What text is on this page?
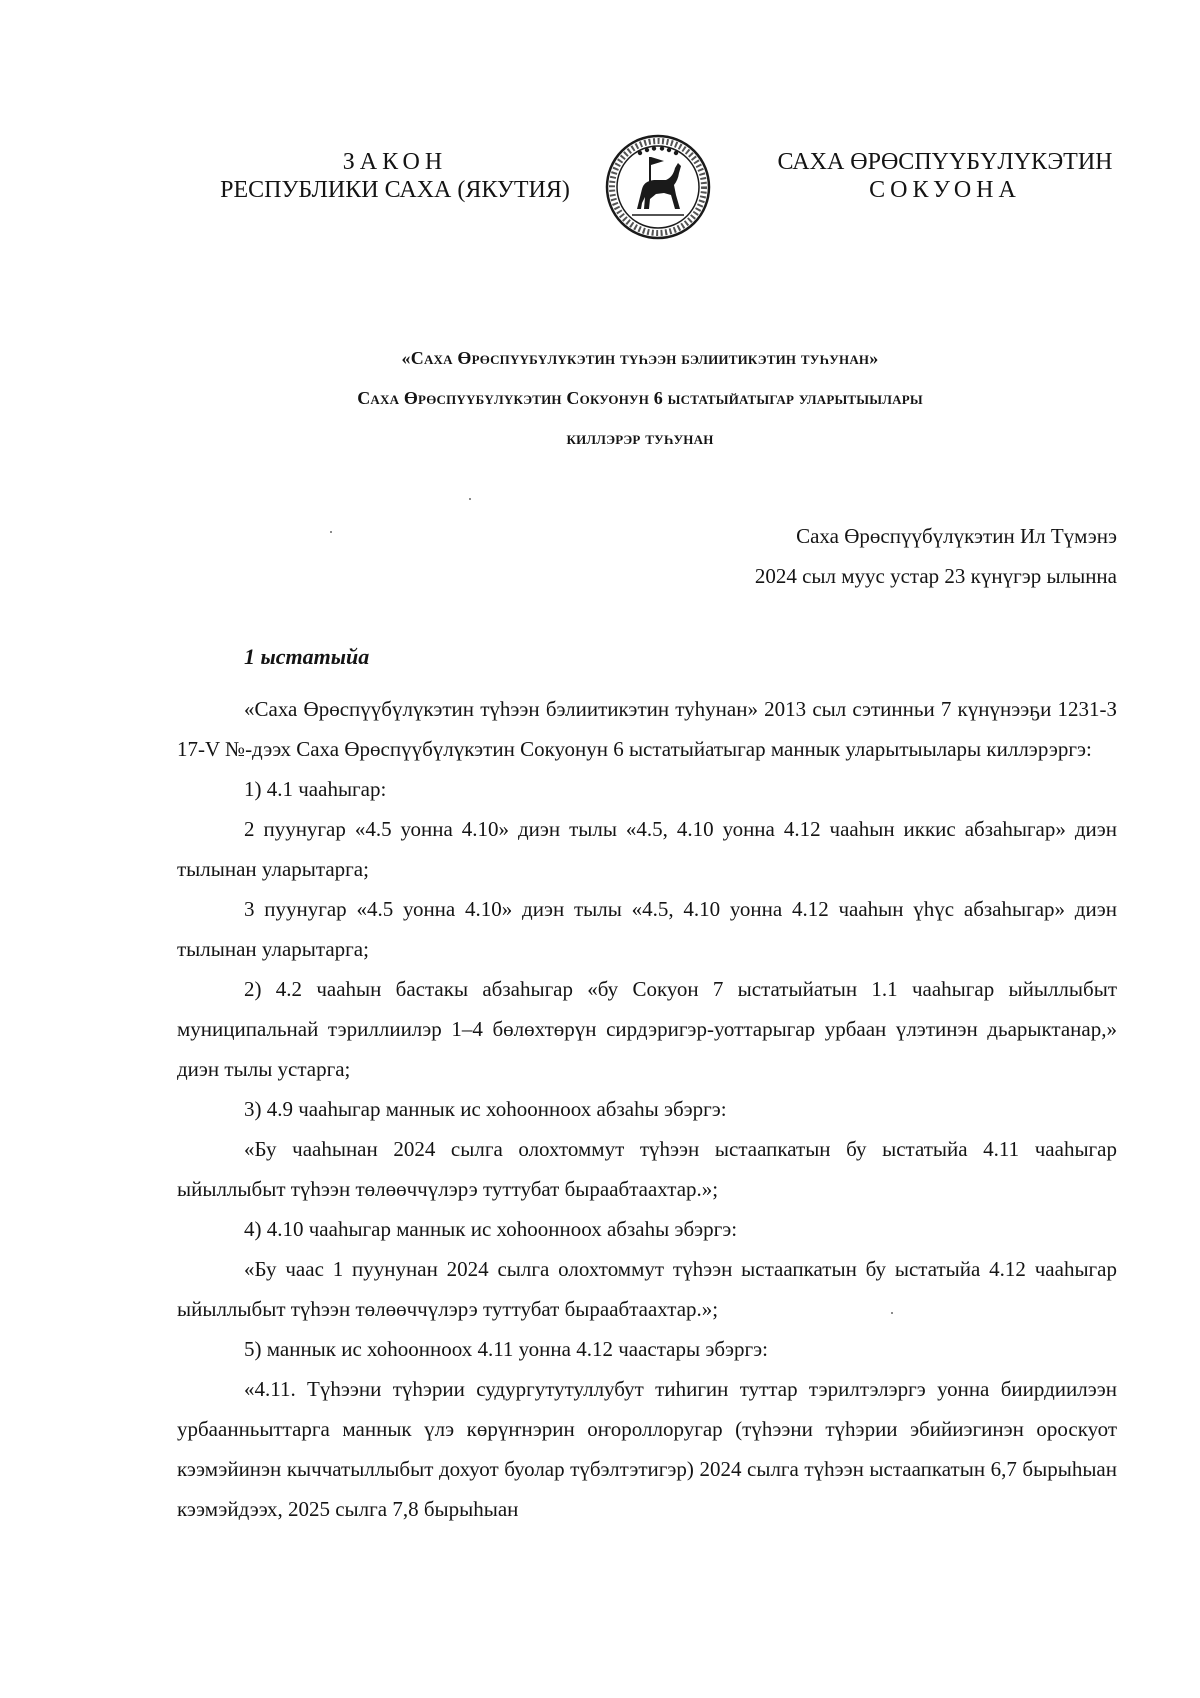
ЗАКОН
РЕСПУБЛИКИ САХА (ЯКУТИЯ)
САХА ӨРӨСПҮҮБҮЛҮКЭТИН
СОКУОНА
«Саха Өрөспүүбүлүкэтин түһээн бэлиитикэтин туһунан»
Саха Өрөспүүбүлүкэтин Сокуонун 6 ыстатыйатыгар уларытыылары
киллэрэр туһунан
Саха Өрөспүүбүлүкэтин Ил Түмэнэ
2024 сыл муус устар 23 күнүгэр ылынна
1 ыстатыйа

«Саха Өрөспүүбүлүкэтин түһээн бэлиитикэтин туһунан» 2013 сыл сэтинньи 7 күнүнээҕи 1231-З 17-V №-дээх Саха Өрөспүүбүлүкэтин Сокуонун 6 ыстатыйатыгар маннык уларытыылары киллэрэргэ:

1) 4.1 чааһыгар:

2 пуунугар «4.5 уонна 4.10» диэн тылы «4.5, 4.10 уонна 4.12 чааһын иккис абзаһыгар» диэн тылынан уларытарга;

3 пуунугар «4.5 уонна 4.10» диэн тылы «4.5, 4.10 уонна 4.12 чааһын үһүс абзаһыгар» диэн тылынан уларытарга;

2) 4.2 чааһын бастакы абзаһыгар «бу Сокуон 7 ыстатыйатын 1.1 чааһыгар ыйыллыбыт муниципальнай тэриллиилэр 1–4 бөлөхтөрүн сирдэригэр-уоттарыгар урбаан үлэтинэн дьарыктанар,» диэн тылы устарга;

3) 4.9 чааһыгар маннык ис хоһоонноох абзаһы эбэргэ:

«Бу чааһынан 2024 сылга олохтоммут түһээн ыстаапкатын бу ыстатыйа 4.11 чааһыгар ыйыллыбыт түһээн төлөөччүлэрэ туттубат быраабтаахтар.»;

4) 4.10 чааһыгар маннык ис хоһоонноох абзаһы эбэргэ:

«Бу чаас 1 пуунунан 2024 сылга олохтоммут түһээн ыстаапкатын бу ыстатыйа 4.12 чааһыгар ыйыллыбыт түһээн төлөөччүлэрэ туттубат быраабтаахтар.»;

5) маннык ис хоһоонноох 4.11 уонна 4.12 чаастары эбэргэ:

«4.11. Түһээни түһэрии судургутутуллубут тиһигин туттар тэрилтэлэргэ уонна биирдиилээн урбаанньыттарга маннык үлэ көрүҥнэрин оҥороллоругар (түһээни түһэрии эбийиэгинэн ороскуот кээмэйинэн кыччатыллыбыт дохуот буолар түбэлтэтигэр) 2024 сылга түһээн ыстаапкатын 6,7 бырыһыан кээмэйдээх, 2025 сылга 7,8 бырыһыан
